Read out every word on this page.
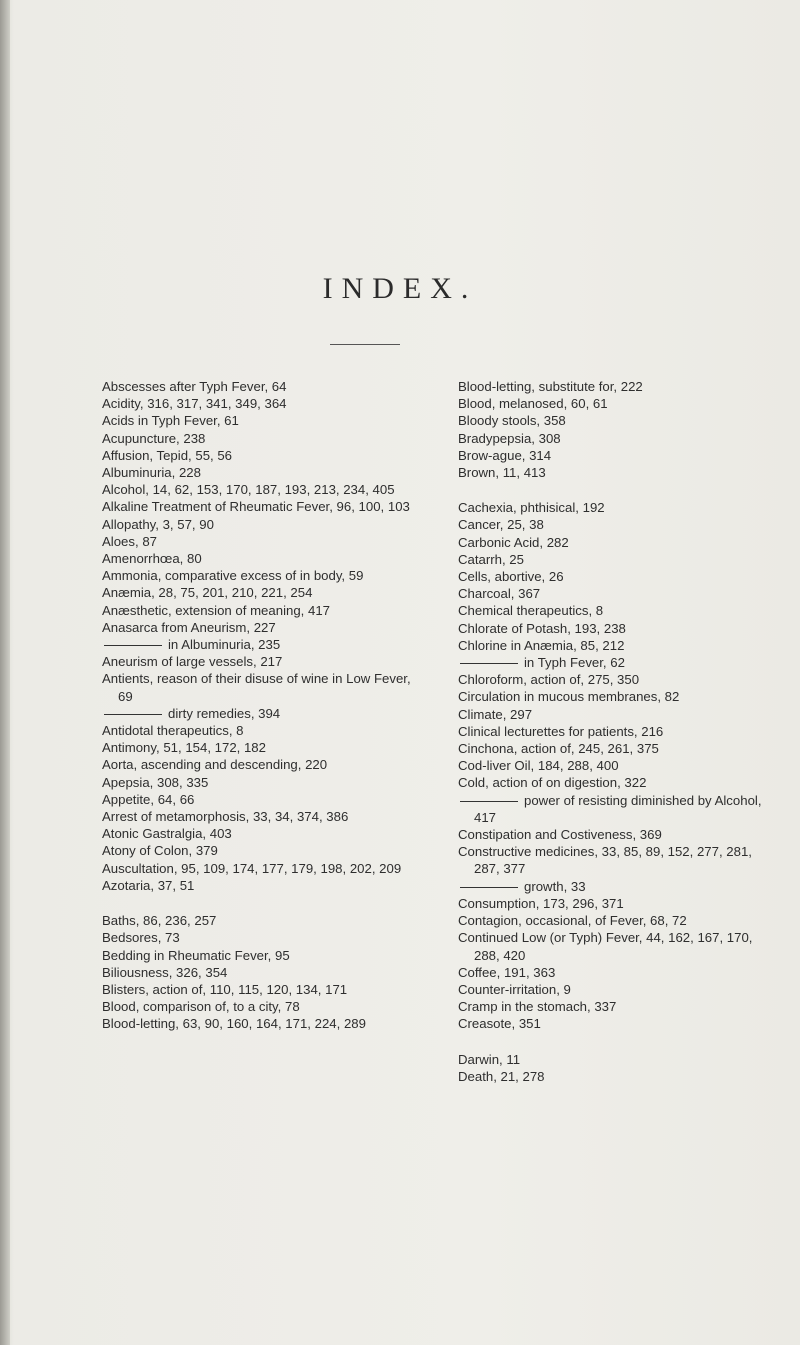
INDEX.
Abscesses after Typh Fever, 64
Acidity, 316, 317, 341, 349, 364
Acids in Typh Fever, 61
Acupuncture, 238
Affusion, Tepid, 55, 56
Albuminuria, 228
Alcohol, 14, 62, 153, 170, 187, 193, 213, 234, 405
Alkaline Treatment of Rheumatic Fever, 96, 100, 103
Allopathy, 3, 57, 90
Aloes, 87
Amenorrhœa, 80
Ammonia, comparative excess of in body, 59
Anæmia, 28, 75, 201, 210, 221, 254
Anæsthetic, extension of meaning, 417
Anasarca from Aneurism, 227
in Albuminuria, 235
Aneurism of large vessels, 217
Antients, reason of their disuse of wine in Low Fever, 69
dirty remedies, 394
Antidotal therapeutics, 8
Antimony, 51, 154, 172, 182
Aorta, ascending and descending, 220
Apepsia, 308, 335
Appetite, 64, 66
Arrest of metamorphosis, 33, 34, 374, 386
Atonic Gastralgia, 403
Atony of Colon, 379
Auscultation, 95, 109, 174, 177, 179, 198, 202, 209
Azotaria, 37, 51
Baths, 86, 236, 257
Bedsores, 73
Bedding in Rheumatic Fever, 95
Biliousness, 326, 354
Blisters, action of, 110, 115, 120, 134, 171
Blood, comparison of, to a city, 78
Blood-letting, 63, 90, 160, 164, 171, 224, 289
Blood-letting, substitute for, 222
Blood, melanosed, 60, 61
Bloody stools, 358
Bradypepsia, 308
Brow-ague, 314
Brown, 11, 413
Cachexia, phthisical, 192
Cancer, 25, 38
Carbonic Acid, 282
Catarrh, 25
Cells, abortive, 26
Charcoal, 367
Chemical therapeutics, 8
Chlorate of Potash, 193, 238
Chlorine in Anæmia, 85, 212
in Typh Fever, 62
Chloroform, action of, 275, 350
Circulation in mucous membranes, 82
Climate, 297
Clinical lecturettes for patients, 216
Cinchona, action of, 245, 261, 375
Cod-liver Oil, 184, 288, 400
Cold, action of on digestion, 322
power of resisting diminished by Alcohol, 417
Constipation and Costiveness, 369
Constructive medicines, 33, 85, 89, 152, 277, 281, 287, 377
growth, 33
Consumption, 173, 296, 371
Contagion, occasional, of Fever, 68, 72
Continued Low (or Typh) Fever, 44, 162, 167, 170, 288, 420
Coffee, 191, 363
Counter-irritation, 9
Cramp in the stomach, 337
Creasote, 351
Darwin, 11
Death, 21, 278
